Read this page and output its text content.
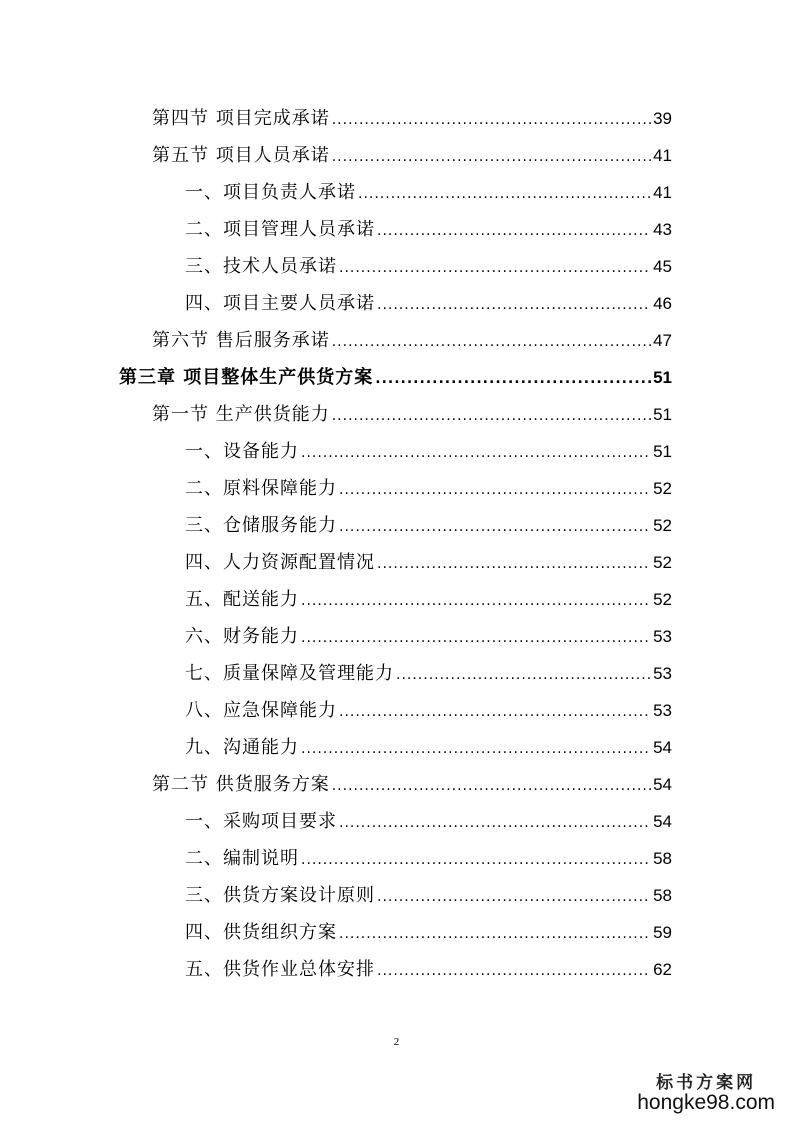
第四节 项目完成承诺 .....	39
第五节 项目人员承诺 .....	41
一、项目负责人承诺 .....	41
二、项目管理人员承诺 .....	43
三、技术人员承诺 .....	45
四、项目主要人员承诺 .....	46
第六节 售后服务承诺 .....	47
第三章 项目整体生产供货方案 .....	51
第一节 生产供货能力 .....	51
一、设备能力 .....	51
二、原料保障能力 .....	52
三、仓储服务能力 .....	52
四、人力资源配置情况 .....	52
五、配送能力 .....	52
六、财务能力 .....	53
七、质量保障及管理能力 .....	53
八、应急保障能力 .....	53
九、沟通能力 .....	54
第二节 供货服务方案 .....	54
一、采购项目要求 .....	54
二、编制说明 .....	58
三、供货方案设计原则 .....	58
四、供货组织方案 .....	59
五、供货作业总体安排 .....	62
2
标书方案网
hongke98.com
